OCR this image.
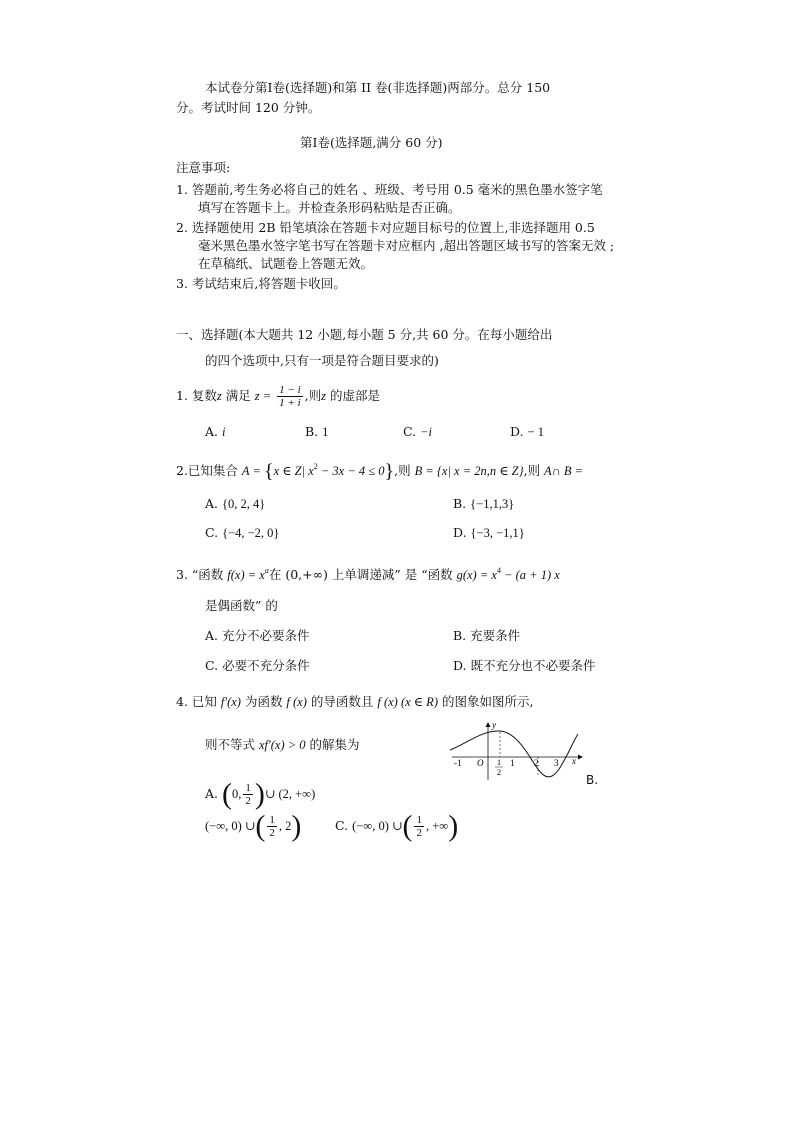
本试卷分第Ⅰ卷(选择题)和第 II 卷(非选择题)两部分。总分 150
分。考试时间 120 分钟。
第Ⅰ卷(选择题,满分 60 分)
注意事项:
1. 答题前,考生务必将自己的姓名 、班级、考号用 0.5 毫米的黑色墨水签字笔
填写在答题卡上。并检查条形码粘贴是否正确。
2. 选择题使用 2B 铅笔填涂在答题卡对应题目标号的位置上,非选择题用 0.5
毫米黑色墨水签字笔书写在答题卡对应框内 ,超出答题区域书写的答案无效 ;
在草稿纸、试题卷上答题无效。
3. 考试结束后,将答题卡收回。
一、选择题(本大题共 12 小题,每小题 5 分,共 60 分。在每小题给出
的四个选项中,只有一项是符合题目要求的)
1. 复数z 满足 $z = \frac{1 - i}{1 + i}$ ,则z 的虚部是
A. i	B. 1	C. −i	D. − 1
2.已知集合 A = {x ∈ Z| $x^2 - 3x - 4 \le 0$},则 B = {x| x = 2n,n ∈ Z},则 A∩ B =
A. {0, 2, 4}	B. {−1,1,3}
C. {−4, −2, 0}	D. {−3, −1,1}
3. “函数 $f(x) = x^a$在 (0,+∞) 上单调递减” 是 “函数 $g(x) = x^4 - (a + 1)$ x
是偶函数” 的
A. 充分不必要条件	B. 充要条件
C. 必要不充分条件	D. 既不充分也不必要条件
4. 已知 f′(x) 为函数 f (x) 的导函数且 f (x) (x ∈ R) 的图象如图所示,
则不等式 xf′(x) > 0 的解集为
y
x
O
-1	1
2
1 2 3
B.
A. (0, $\frac{1}{2}$ )∪ (2, +∞)
(−∞, 0) ∪( $\frac{1}{2}$ , 2)	C. (−∞, 0) ∪( $\frac{1}{2}$ , +∞)
